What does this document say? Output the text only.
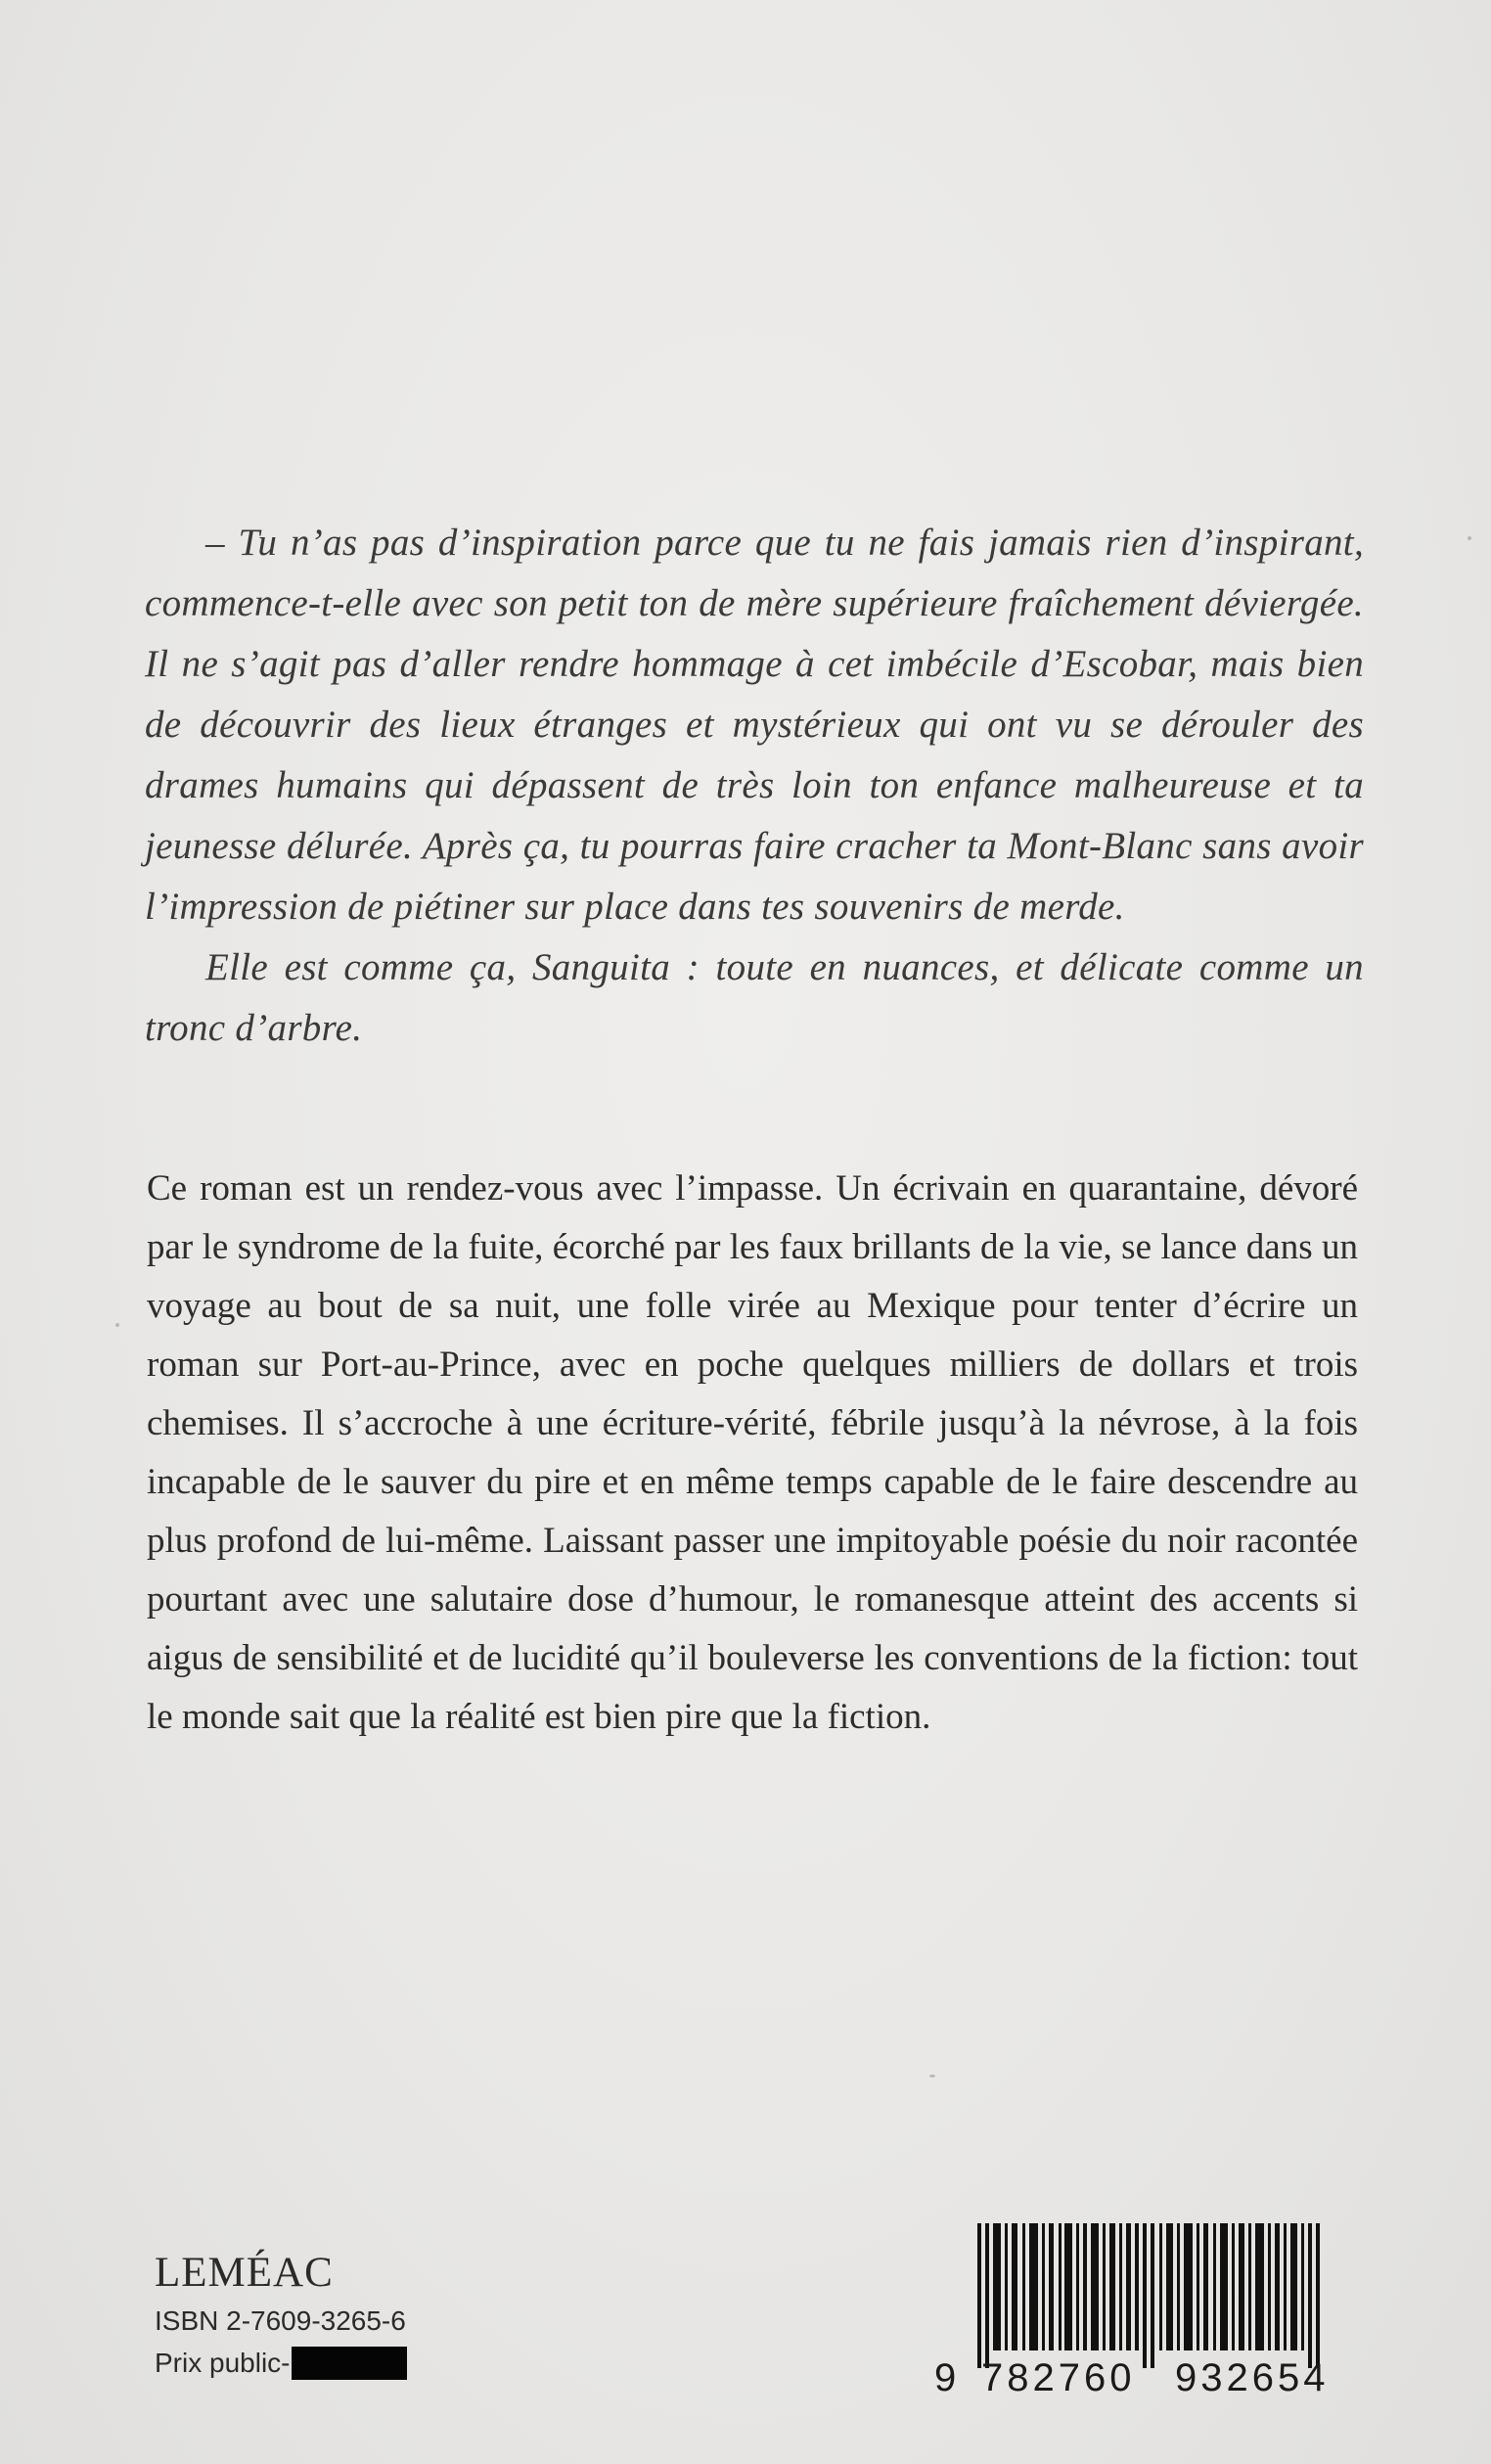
– Tu n’as pas d’inspiration parce que tu ne fais jamais rien d’inspirant, commence-t-elle avec son petit ton de mère supérieure fraîchement déviergée. Il ne s’agit pas d’aller rendre hommage à cet imbécile d’Escobar, mais bien de découvrir des lieux étranges et mystérieux qui ont vu se dérouler des drames humains qui dépassent de très loin ton enfance malheureuse et ta jeunesse délurée. Après ça, tu pourras faire cracher ta Mont-Blanc sans avoir l’impression de piétiner sur place dans tes souvenirs de merde.

Elle est comme ça, Sanguita : toute en nuances, et délicate comme un tronc d’arbre.

Ce roman est un rendez-vous avec l’impasse. Un écrivain en quarantaine, dévoré par le syndrome de la fuite, écorché par les faux brillants de la vie, se lance dans un voyage au bout de sa nuit, une folle virée au Mexique pour tenter d’écrire un roman sur Port-au-Prince, avec en poche quelques milliers de dollars et trois chemises. Il s’accroche à une écriture-vérité, fébrile jusqu’à la névrose, à la fois incapable de le sauver du pire et en même temps capable de le faire descendre au plus profond de lui-même. Laissant passer une impitoyable poésie du noir racontée pourtant avec une salutaire dose d’humour, le romanesque atteint des accents si aigus de sensibilité et de lucidité qu’il bouleverse les conventions de la fiction: tout le monde sait que la réalité est bien pire que la fiction.

LEMÉAC
ISBN 2-7609-3265-6
Prix public-	9 782760	932654
